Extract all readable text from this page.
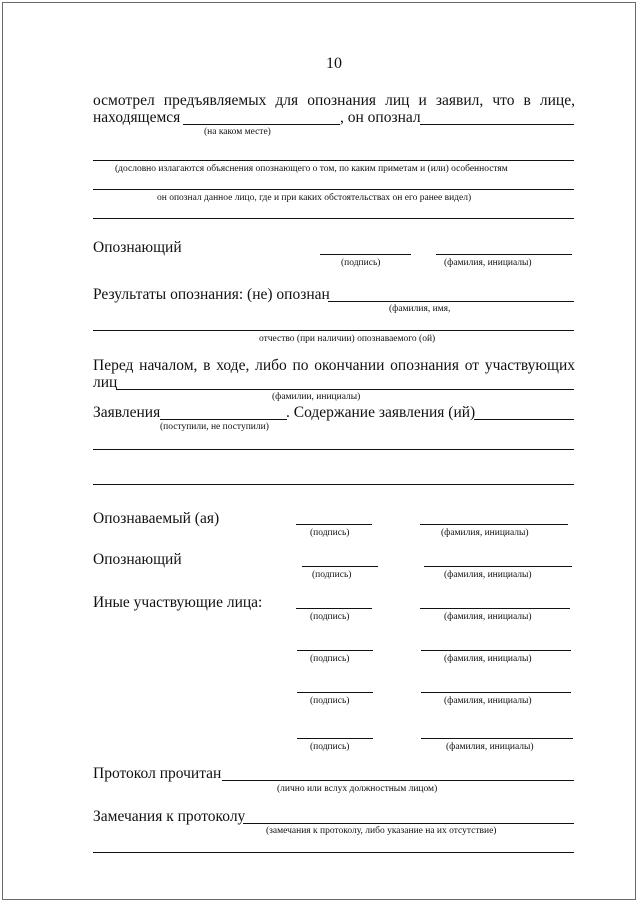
10
осмотрел предъявляемых для опознания лиц и заявил, что в лице,
находящемся
(на каком месте)
, он опознал
(дословно излагаются объяснения опознающего о том, по каким приметам и (или) особенностям
он опознал данное лицо, где и при каких обстоятельствах он его ранее видел)
Опознающий
(подпись)	(фамилия, инициалы)
Результаты опознания: (не) опознан
(фамилия, имя,
отчество (при наличии) опознаваемого (ой)
Перед началом, в ходе, либо по окончании опознания от участвующих
лиц
(фамилии, инициалы)
Заявления
(поступили, не поступили)
. Содержание заявления (ий)
Опознаваемый (ая)
(подпись)	(фамилия, инициалы)
Опознающий
(подпись)	(фамилия, инициалы)
Иные участвующие лица:
(подпись)	(фамилия, инициалы)
(подпись)	(фамилия, инициалы)
(подпись)	(фамилия, инициалы)
(подпись)	(фамилия, инициалы)
Протокол прочитан
(лично или вслух должностным лицом)
Замечания к протоколу
(замечания к протоколу, либо указание на их отсутствие)
